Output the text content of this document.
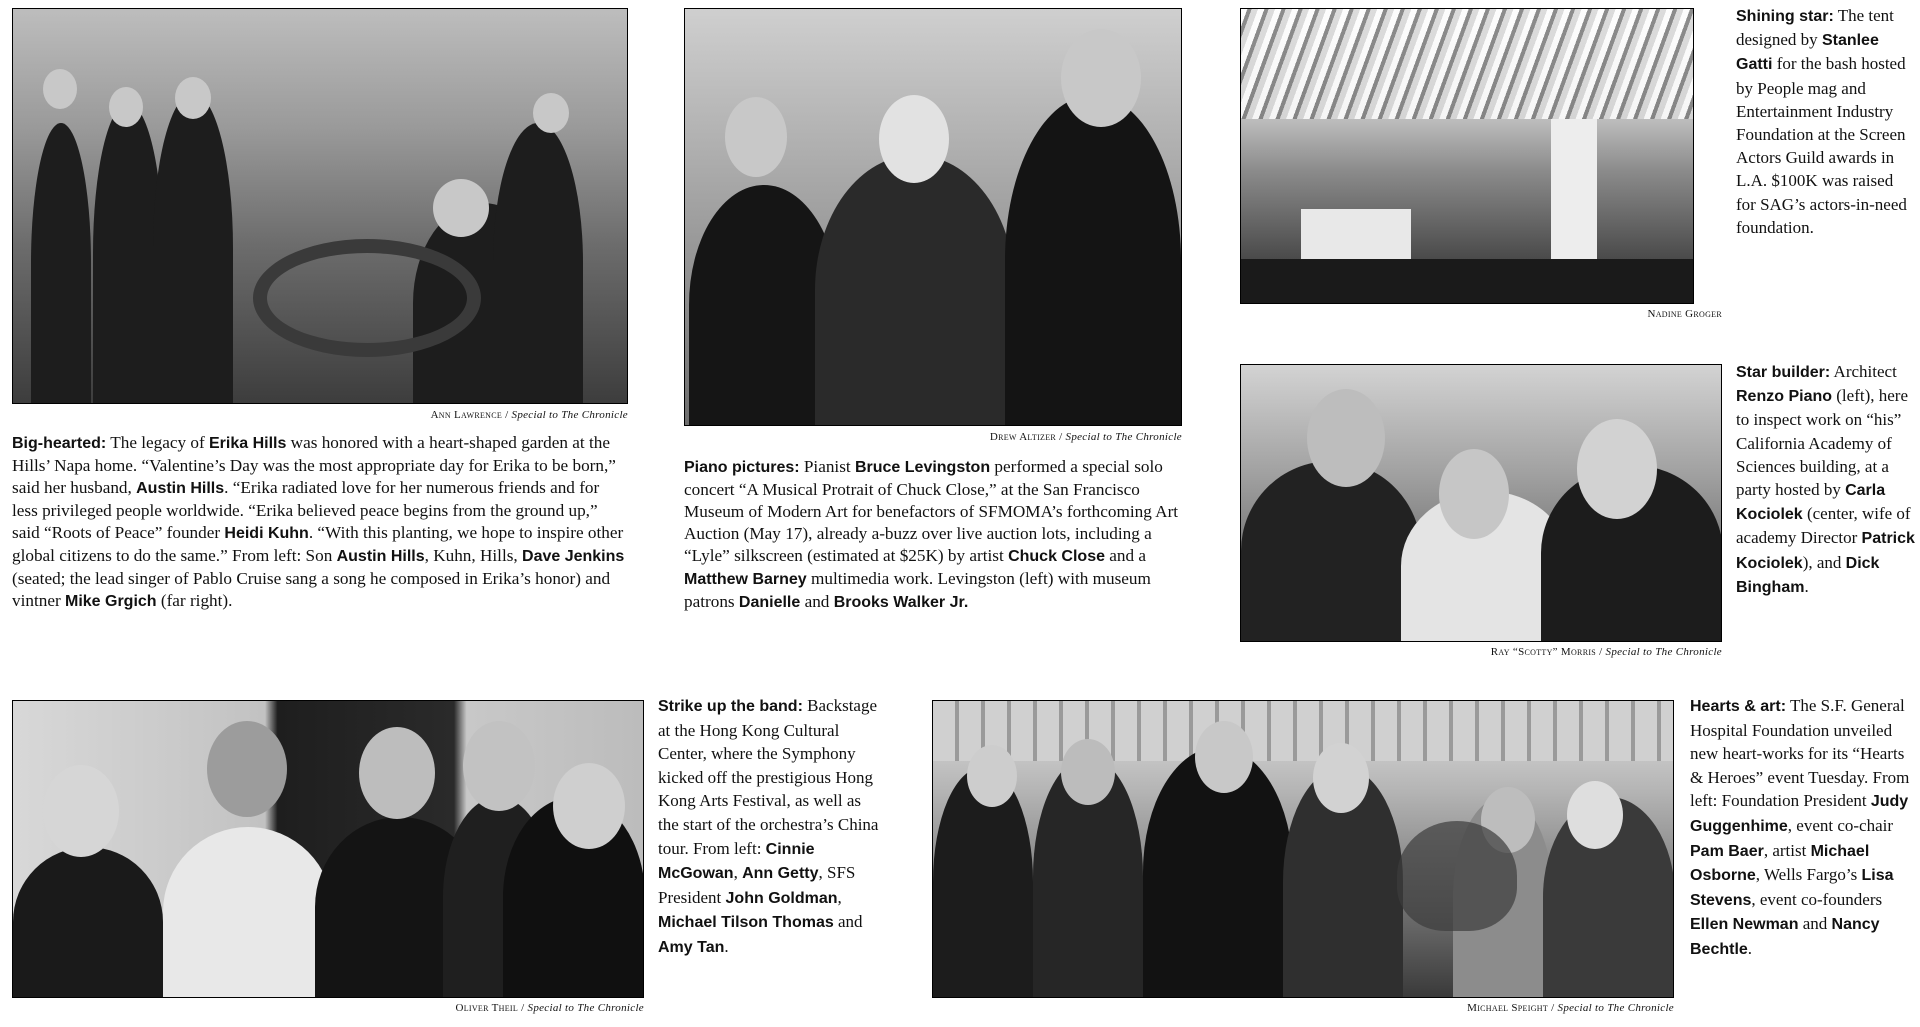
Ann Lawrence / Special to The Chronicle

Big-hearted: The legacy of Erika Hills was honored with a heart-shaped garden at the Hills’ Napa home. “Valentine’s Day was the most appropriate day for Erika to be born,” said her husband, Austin Hills. “Erika radiated love for her numerous friends and for less privileged people worldwide. “Erika believed peace begins from the ground up,” said “Roots of Peace” founder Heidi Kuhn. “With this planting, we hope to inspire other global citizens to do the same.” From left: Son Austin Hills, Kuhn, Hills, Dave Jenkins (seated; the lead singer of Pablo Cruise sang a song he composed in Erika’s honor) and vintner Mike Grgich (far right).

Drew Altizer / Special to The Chronicle

Piano pictures: Pianist Bruce Levingston performed a special solo concert “A Musical Protrait of Chuck Close,” at the San Francisco Museum of Modern Art for benefactors of SFMOMA’s forthcoming Art Auction (May 17), already a-buzz over live auction lots, including a “Lyle” silkscreen (estimated at $25K) by artist Chuck Close and a Matthew Barney multimedia work. Levingston (left) with museum patrons Danielle and Brooks Walker Jr.

Nadine Groger

Shining star: The tent designed by Stanlee Gatti for the bash hosted by People mag and Entertainment Industry Foundation at the Screen Actors Guild awards in L.A. $100K was raised for SAG’s actors-in-need foundation.

Ray “Scotty” Morris / Special to The Chronicle

Star builder: Architect Renzo Piano (left), here to inspect work on “his” California Academy of Sciences building, at a party hosted by Carla Kociolek (center, wife of academy Director Patrick Kociolek), and Dick Bingham.

Oliver Theil / Special to The Chronicle

Strike up the band: Backstage at the Hong Kong Cultural Center, where the Symphony kicked off the prestigious Hong Kong Arts Festival, as well as the start of the orchestra’s China tour. From left: Cinnie McGowan, Ann Getty, SFS President John Goldman, Michael Tilson Thomas and Amy Tan.

Michael Speight / Special to The Chronicle

Hearts & art: The S.F. General Hospital Foundation unveiled new heart-works for its “Hearts & Heroes” event Tuesday. From left: Foundation President Judy Guggenhime, event co-chair Pam Baer, artist Michael Osborne, Wells Fargo’s Lisa Stevens, event co-founders Ellen Newman and Nancy Bechtle.
